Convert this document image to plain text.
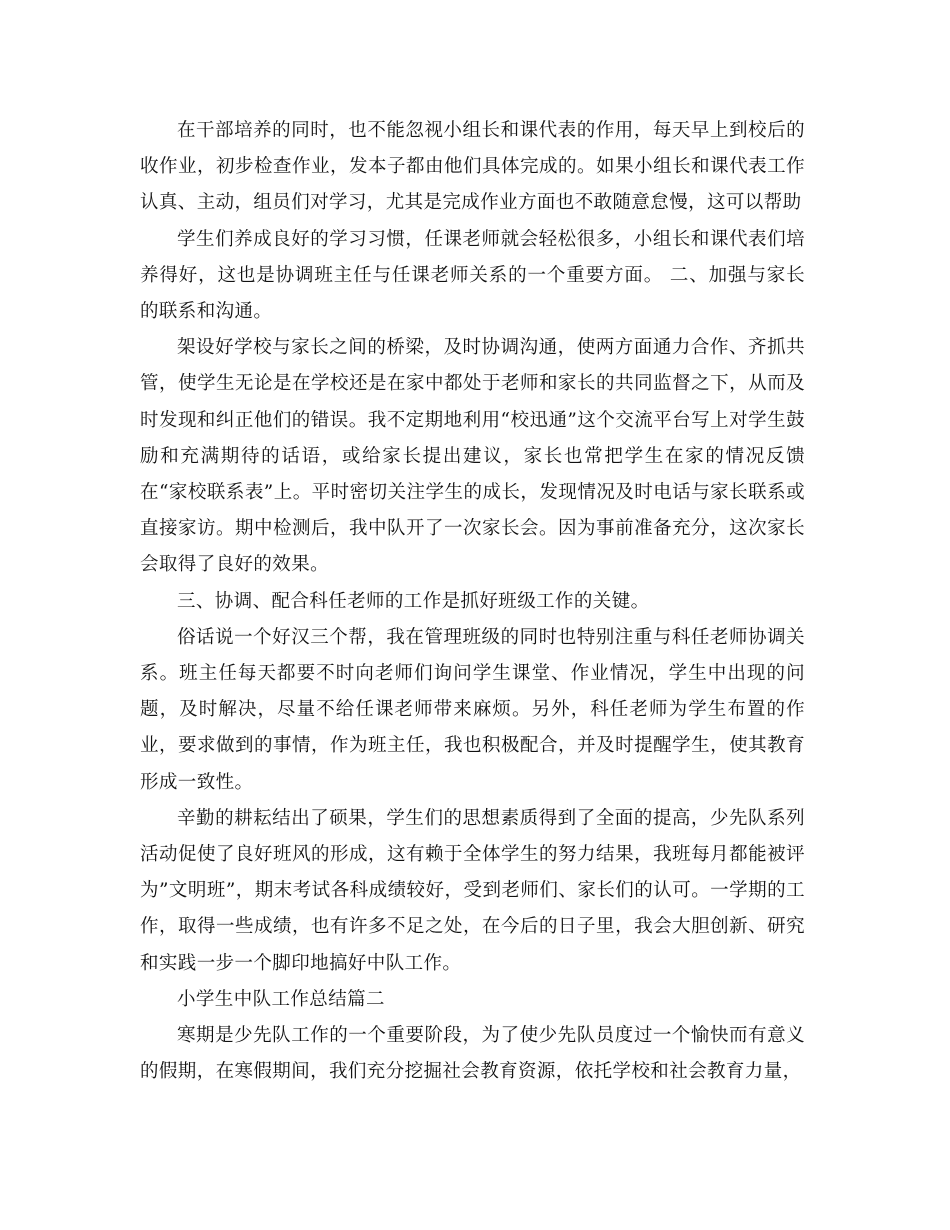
在干部培养的同时，也不能忽视小组长和课代表的作用，每天早上到校后的收作业，初步检查作业，发本子都由他们具体完成的。如果小组长和课代表工作认真、主动，组员们对学习，尤其是完成作业方面也不敢随意怠慢，这可以帮助

学生们养成良好的学习习惯，任课老师就会轻松很多，小组长和课代表们培养得好，这也是协调班主任与任课老师关系的一个重要方面。 二、加强与家长的联系和沟通。

架设好学校与家长之间的桥梁，及时协调沟通，使两方面通力合作、齐抓共管，使学生无论是在学校还是在家中都处于老师和家长的共同监督之下，从而及时发现和纠正他们的错误。我不定期地利用“校迅通”这个交流平台写上对学生鼓励和充满期待的话语，或给家长提出建议，家长也常把学生在家的情况反馈在“家校联系表”上。平时密切关注学生的成长，发现情况及时电话与家长联系或直接家访。期中检测后，我中队开了一次家长会。因为事前准备充分，这次家长会取得了良好的效果。

三、协调、配合科任老师的工作是抓好班级工作的关键。

俗话说一个好汉三个帮，我在管理班级的同时也特别注重与科任老师协调关系。班主任每天都要不时向老师们询问学生课堂、作业情况，学生中出现的问题，及时解决，尽量不给任课老师带来麻烦。另外，科任老师为学生布置的作业，要求做到的事情，作为班主任，我也积极配合，并及时提醒学生，使其教育形成一致性。

辛勤的耕耘结出了硕果，学生们的思想素质得到了全面的提高，少先队系列活动促使了良好班风的形成，这有赖于全体学生的努力结果，我班每月都能被评为”文明班”，期末考试各科成绩较好，受到老师们、家长们的认可。一学期的工作，取得一些成绩，也有许多不足之处，在今后的日子里，我会大胆创新、研究和实践一步一个脚印地搞好中队工作。

小学生中队工作总结篇二

寒期是少先队工作的一个重要阶段，为了使少先队员度过一个愉快而有意义的假期，在寒假期间，我们充分挖掘社会教育资源，依托学校和社会教育力量，
